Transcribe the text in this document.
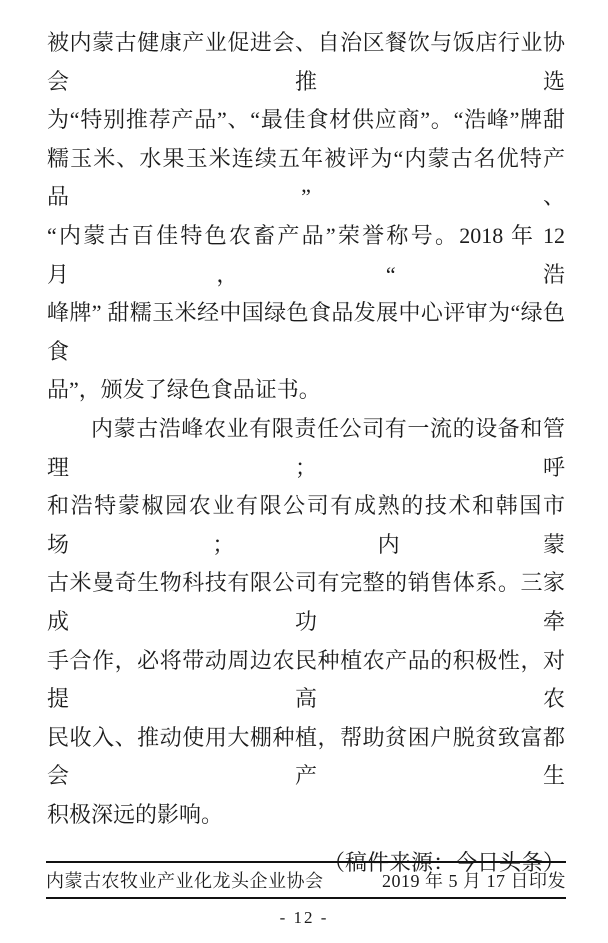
被内蒙古健康产业促进会、自治区餐饮与饭店行业协会推选
为“特别推荐产品”、“最佳食材供应商”。“浩峰”牌甜
糯玉米、水果玉米连续五年被评为“内蒙古名优特产品”、
“内蒙古百佳特色农畜产品”荣誉称号。2018 年 12 月，“浩
峰牌” 甜糯玉米经中国绿色食品发展中心评审为“绿色食
品”，颁发了绿色食品证书。
内蒙古浩峰农业有限责任公司有一流的设备和管理；呼
和浩特蒙椒园农业有限公司有成熟的技术和韩国市场；内蒙
古米曼奇生物科技有限公司有完整的销售体系。三家成功牵
手合作，必将带动周边农民种植农产品的积极性，对提高农
民收入、推动使用大棚种植，帮助贫困户脱贫致富都会产生
积极深远的影响。
（稿件来源：今日头条）
内蒙古农牧业产业化龙头企业协会	2019 年 5 月 17 日印发
- 12 -
